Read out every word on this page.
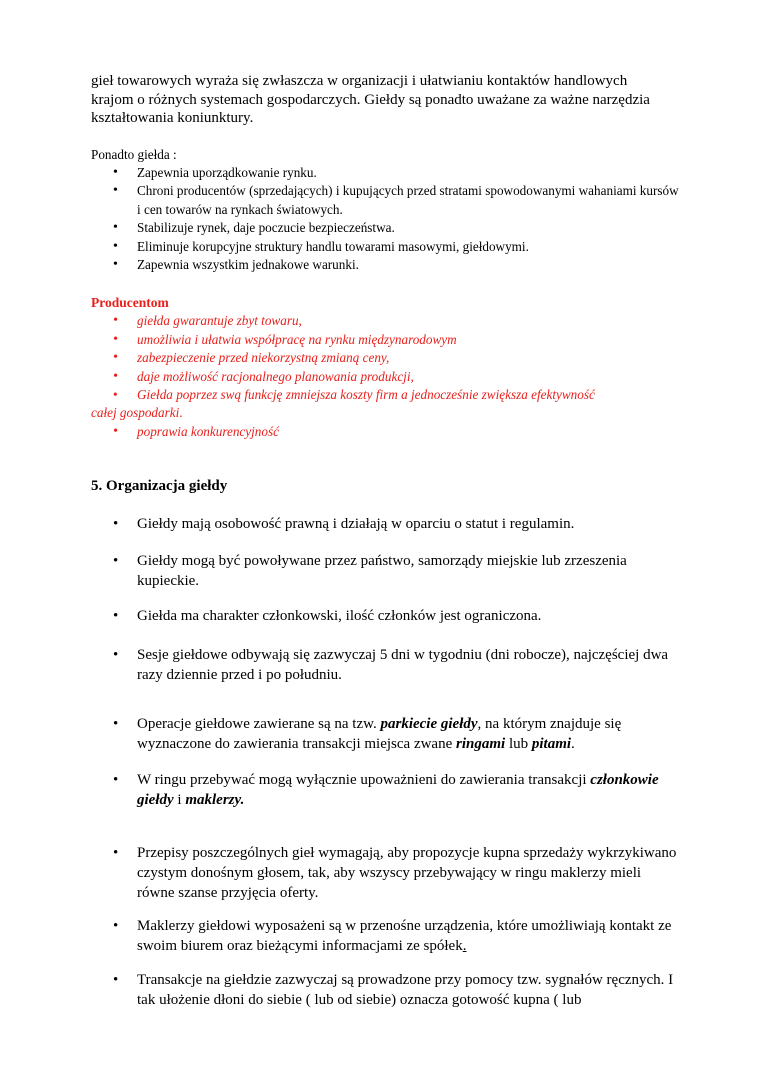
gieł towarowych wyraża się zwłaszcza w organizacji i ułatwianiu kontaktów handlowych
krajom o różnych systemach gospodarczych. Giełdy są ponadto uważane za ważne narzędzia
kształtowania koniunktury.

Ponadto giełda :
• Zapewnia uporządkowanie rynku.
• Chroni producentów (sprzedających) i kupujących przed stratami spowodowanymi wahaniami kursów i cen towarów na rynkach światowych.
• Stabilizuje rynek, daje poczucie bezpieczeństwa.
• Eliminuje korupcyjne struktury handlu towarami masowymi, giełdowymi.
• Zapewnia wszystkim jednakowe warunki.
Producentom
• giełda gwarantuje zbyt towaru,
• umożliwia i ułatwia współpracę na rynku międzynarodowym
• zabezpieczenie przed niekorzystną zmianą ceny,
• daje możliwość racjonalnego planowania produkcji,
• Giełda poprzez swą funkcję zmniejsza koszty firm a jednocześnie zwiększa efektywność
całej gospodarki.
• poprawia konkurencyjność
5. Organizacja giełdy
• Giełdy mają osobowość prawną i działają w oparciu o statut i regulamin.
• Giełdy mogą być powoływane przez państwo, samorządy miejskie lub zrzeszenia kupieckie.
• Giełda ma charakter członkowski, ilość członków jest ograniczona.
• Sesje giełdowe odbywają się zazwyczaj 5 dni w tygodniu (dni robocze), najczęściej dwa razy dziennie przed i po południu.
• Operacje giełdowe zawierane są na tzw. parkiecie giełdy, na którym znajduje się wyznaczone do zawierania transakcji miejsca zwane ringami lub pitami.
• W ringu przebywać mogą wyłącznie upoważnieni do zawierania transakcji członkowie giełdy i maklerzy.
• Przepisy poszczególnych gieł wymagają, aby propozycje kupna sprzedaży wykrzykiwano czystym donośnym głosem, tak, aby wszyscy przebywający w ringu maklerzy mieli równe szanse przyjęcia oferty.
• Maklerzy giełdowi wyposażeni są w przenośne urządzenia, które umożliwiają kontakt ze swoim biurem oraz bieżącymi informacjami ze spółek.
• Transakcje na giełdzie zazwyczaj są prowadzone przy pomocy tzw. sygnałów ręcznych. I tak ułożenie dłoni do siebie ( lub od siebie) oznacza gotowość kupna ( lub
